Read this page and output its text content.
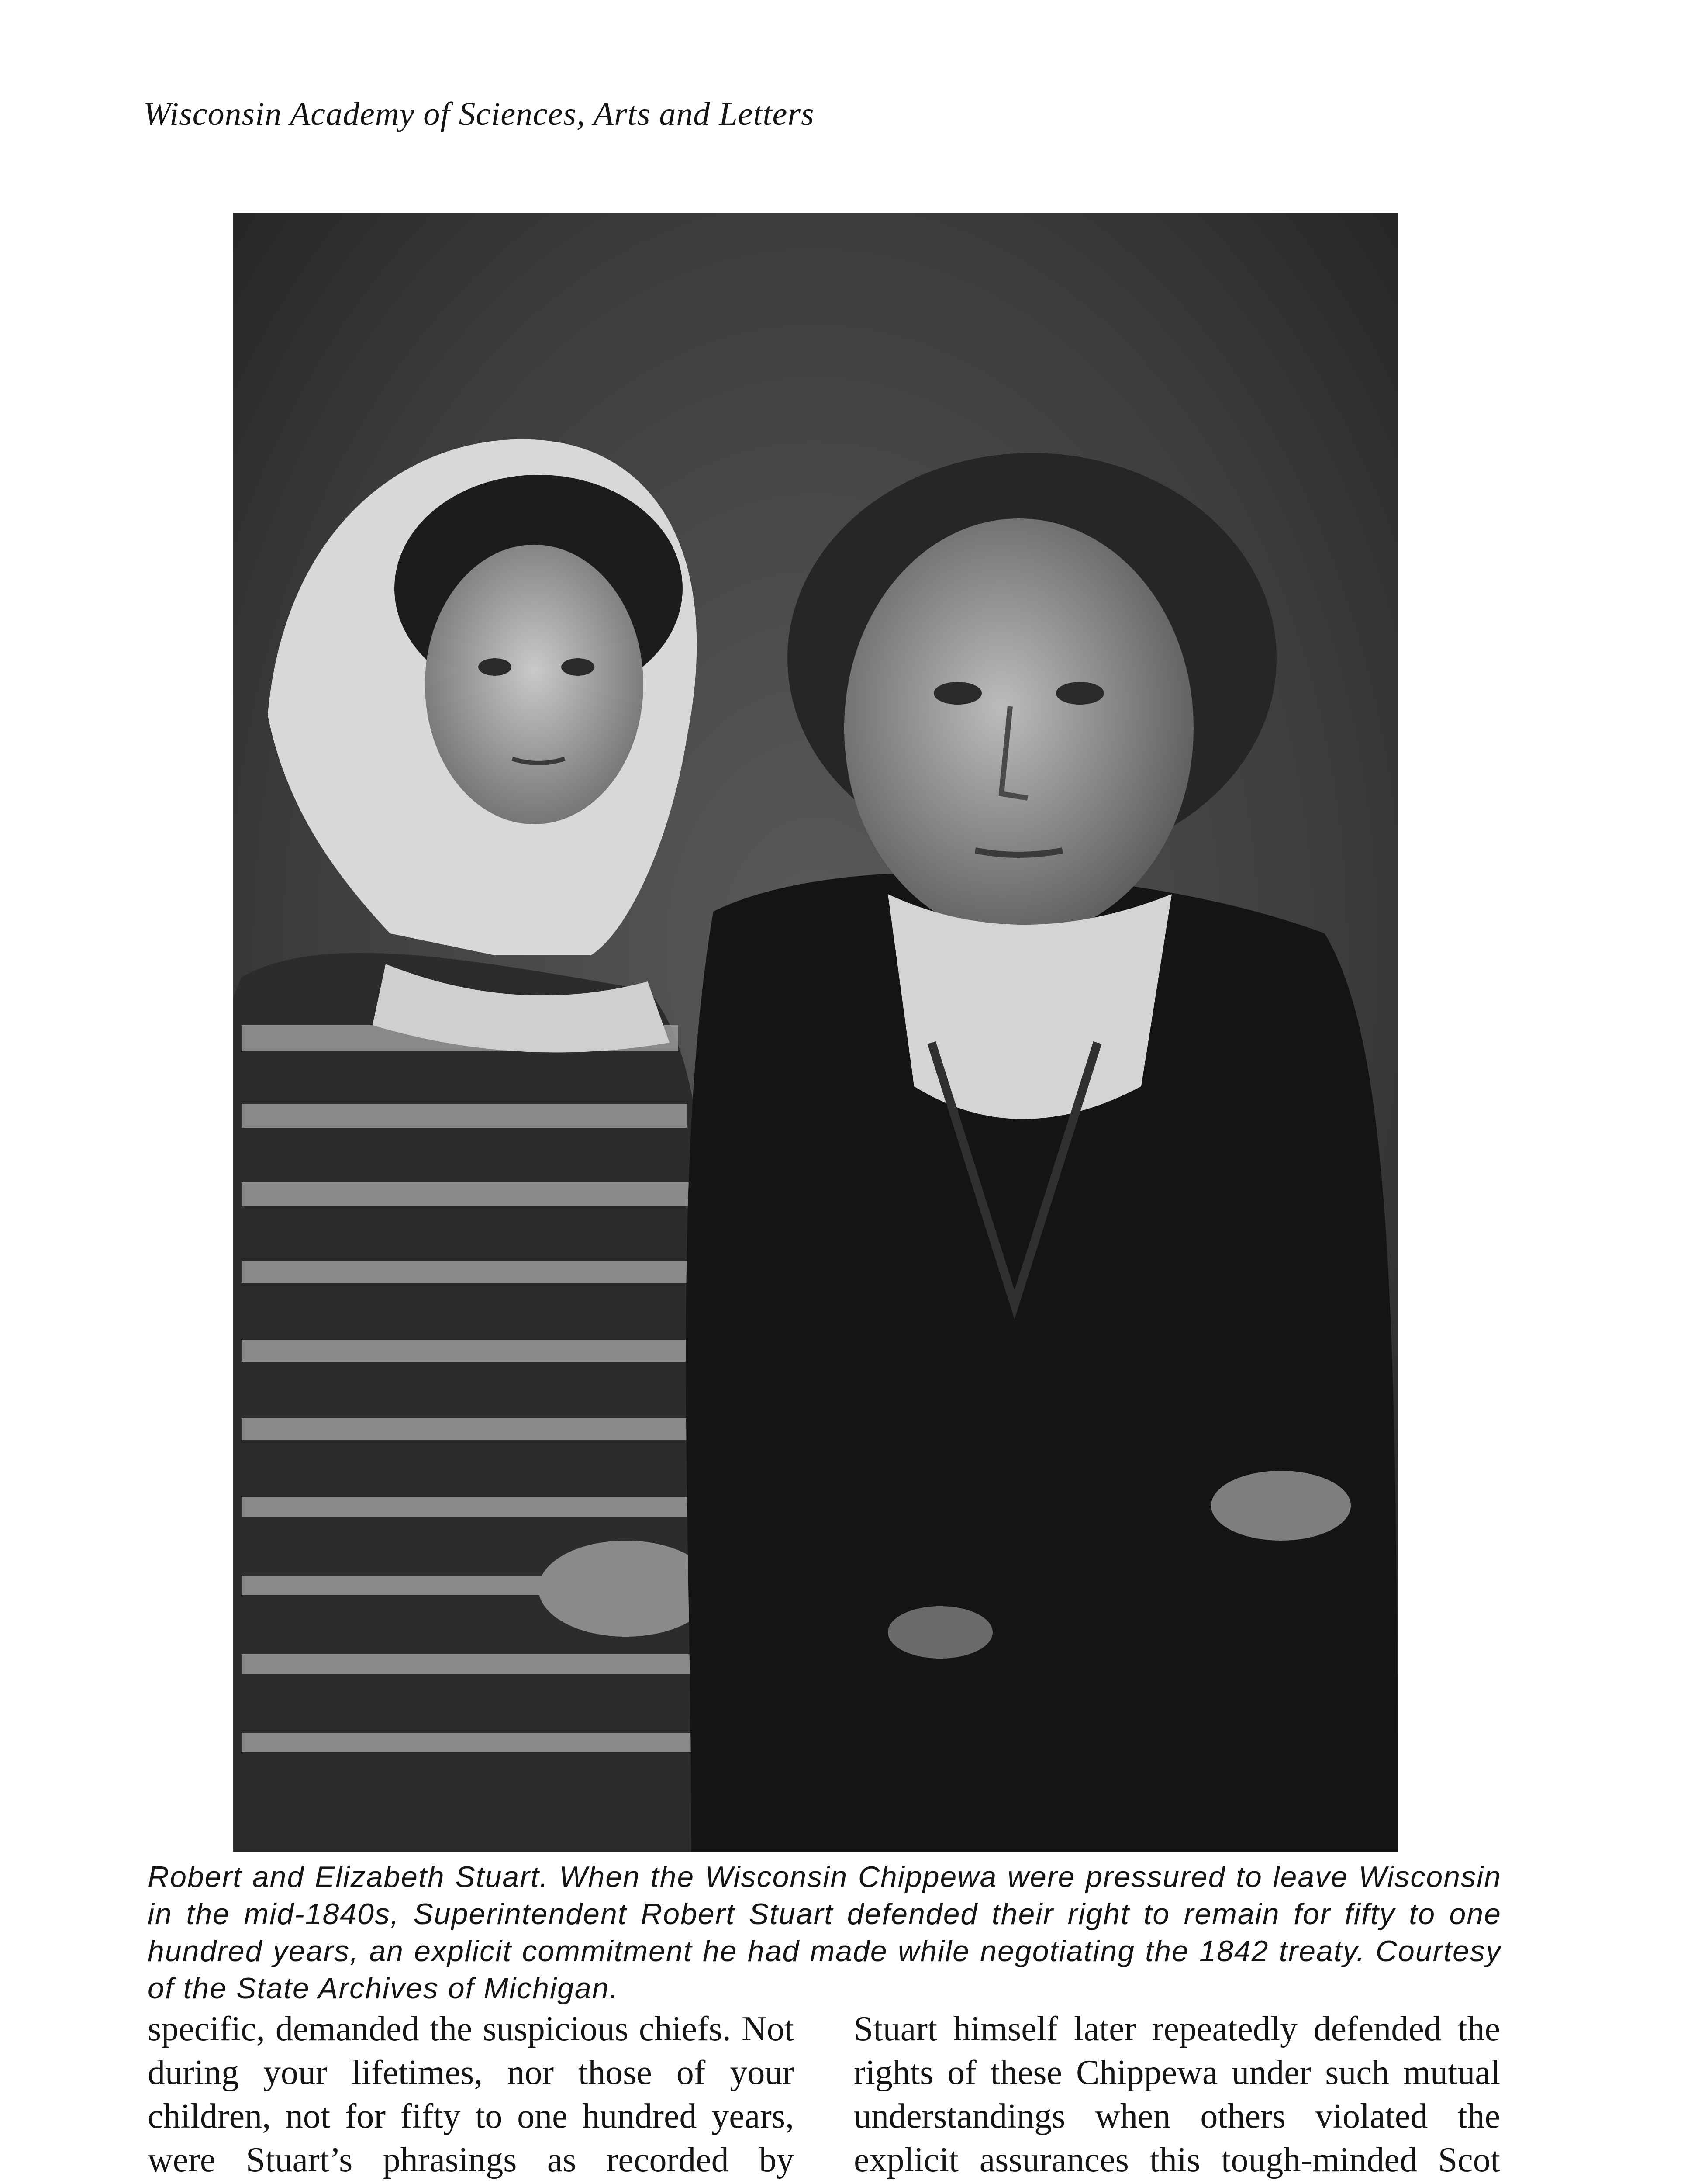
Wisconsin Academy of Sciences, Arts and Letters
Robert and Elizabeth Stuart. When the Wisconsin Chippewa were pressured to leave Wisconsin in the mid-1840s, Superintendent Robert Stuart defended their right to remain for fifty to one hundred years, an explicit commitment he had made while negotiating the 1842 treaty. Courtesy of the State Archives of Michigan.
specific, demanded the suspicious chiefs. Not during your lifetimes, nor those of your children, not for fifty to one hundred years, were Stuart’s phrasings as recorded by
Stuart himself later repeatedly defended the rights of these Chippewa under such mutual understandings when others violated the explicit assurances this tough-minded Scot
